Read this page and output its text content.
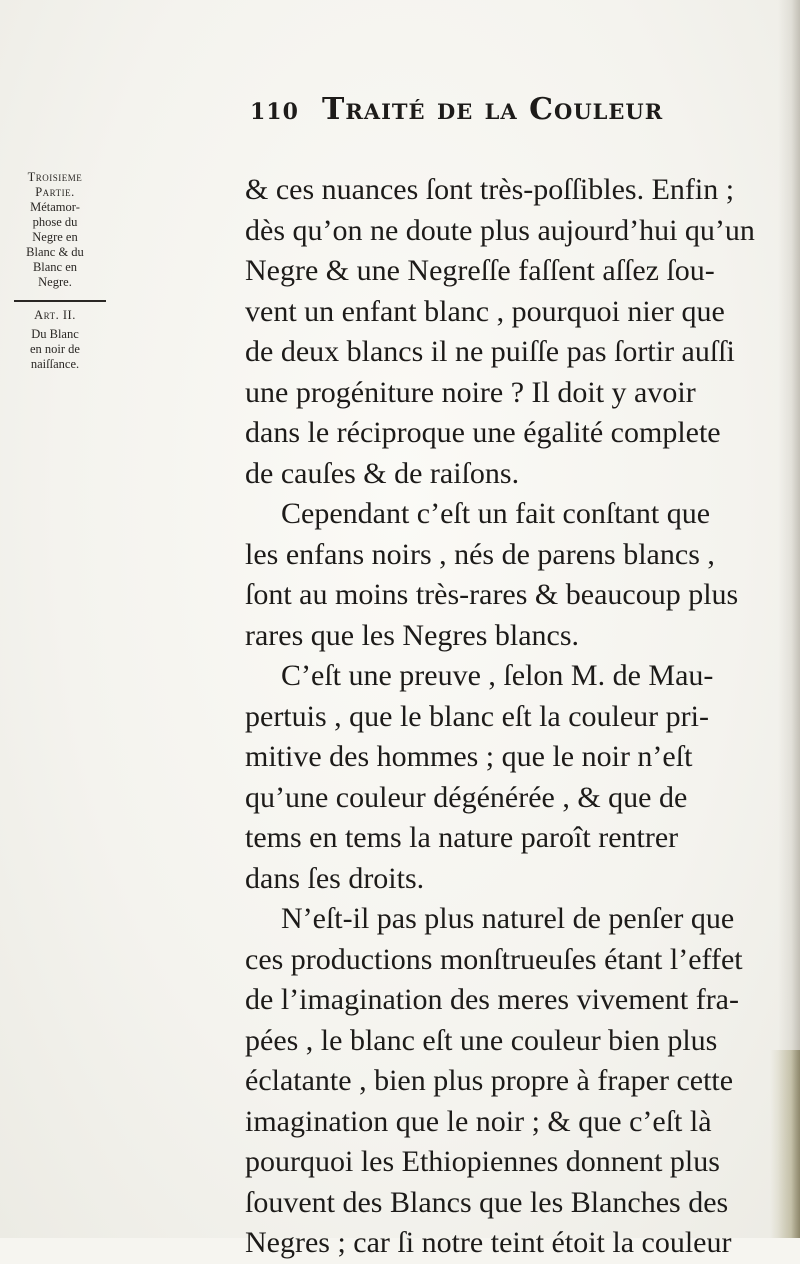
110 Traité de la Couleur
Troisieme
Partie.
Métamor-
phose du
Negre en
Blanc & du
Blanc en
Negre.
Art. II.
Du Blanc
en noir de
naiſſance.
& ces nuances ſont très-poſſibles. Enfin ;
dès qu’on ne doute plus aujourd’hui qu’un
Negre & une Negreſſe faſſent aſſez ſou-
vent un enfant blanc , pourquoi nier que
de deux blancs il ne puiſſe pas ſortir auſſi
une progéniture noire ? Il doit y avoir
dans le réciproque une égalité complete
de cauſes & de raiſons.
Cependant c’eſt un fait conſtant que
les enfans noirs , nés de parens blancs ,
ſont au moins très-rares & beaucoup plus
rares que les Negres blancs.
C’eſt une preuve , ſelon M. de Mau-
pertuis , que le blanc eſt la couleur pri-
mitive des hommes ; que le noir n’eſt
qu’une couleur dégénérée , & que de
tems en tems la nature paroît rentrer
dans ſes droits.
N’eſt-il pas plus naturel de penſer que
ces productions monſtrueuſes étant l’effet
de l’imagination des meres vivement fra-
pées , le blanc eſt une couleur bien plus
éclatante , bien plus propre à fraper cette
imagination que le noir ; & que c’eſt là
pourquoi les Ethiopiennes donnent plus
ſouvent des Blancs que les Blanches des
Negres ; car ſi notre teint étoit la couleur
